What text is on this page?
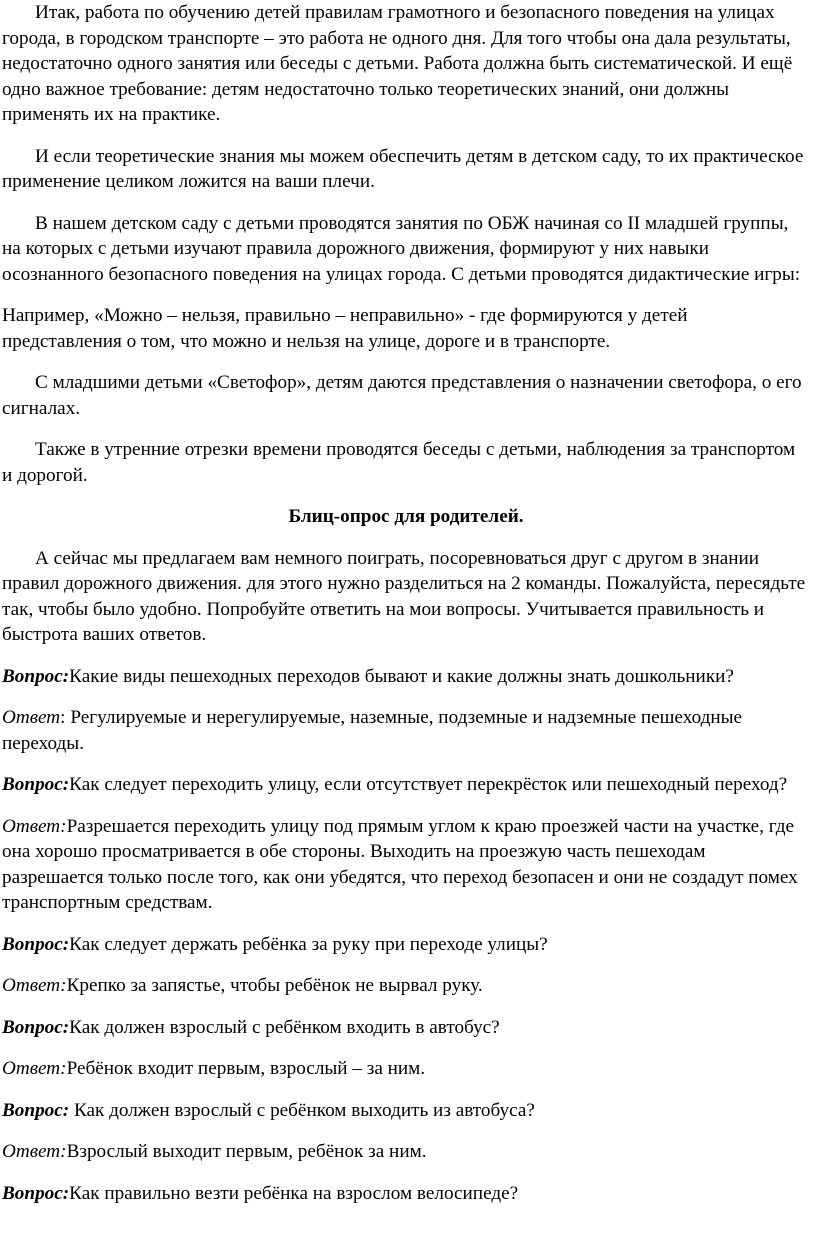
Итак, работа по обучению детей правилам грамотного и безопасного поведения на улицах города, в городском транспорте – это работа не одного дня. Для того чтобы она дала результаты, недостаточно одного занятия или беседы с детьми. Работа должна быть систематической. И ещё одно важное требование: детям недостаточно только теоретических знаний, они должны применять их на практике.

И если теоретические знания мы можем обеспечить детям в детском саду, то их практическое применение целиком ложится на ваши плечи.

В нашем детском саду с детьми проводятся занятия по ОБЖ начиная со II младшей группы, на которых с детьми изучают правила дорожного движения, формируют у них навыки осознанного безопасного поведения на улицах города. С детьми проводятся дидактические игры:

Например, «Можно – нельзя, правильно – неправильно» - где формируются у детей представления о том, что можно и нельзя на улице, дороге и в транспорте.

С младшими детьми «Светофор», детям даются представления о назначении светофора, о его сигналах.

Также в утренние отрезки времени проводятся беседы с детьми, наблюдения за транспортом и дорогой.

Блиц-опрос для родителей.

А сейчас мы предлагаем вам немного поиграть, посоревноваться друг с другом в знании правил дорожного движения. для этого нужно разделиться на 2 команды. Пожалуйста, пересядьте так, чтобы было удобно. Попробуйте ответить на мои вопросы. Учитывается правильность и быстрота ваших ответов.

Вопрос:Какие виды пешеходных переходов бывают и какие должны знать дошкольники?

Ответ: Регулируемые и нерегулируемые, наземные, подземные и надземные пешеходные переходы.

Вопрос:Как следует переходить улицу, если отсутствует перекрёсток или пешеходный переход?

Ответ:Разрешается переходить улицу под прямым углом к краю проезжей части на участке, где она хорошо просматривается в обе стороны. Выходить на проезжую часть пешеходам разрешается только после того, как они убедятся, что переход безопасен и они не создадут помех транспортным средствам.

Вопрос:Как следует держать ребёнка за руку при переходе улицы?

Ответ:Крепко за запястье, чтобы ребёнок не вырвал руку.

Вопрос:Как должен взрослый с ребёнком входить в автобус?

Ответ:Ребёнок входит первым, взрослый – за ним.

Вопрос: Как должен взрослый с ребёнком выходить из автобуса?

Ответ:Взрослый выходит первым, ребёнок за ним.

Вопрос:Как правильно везти ребёнка на взрослом велосипеде?
